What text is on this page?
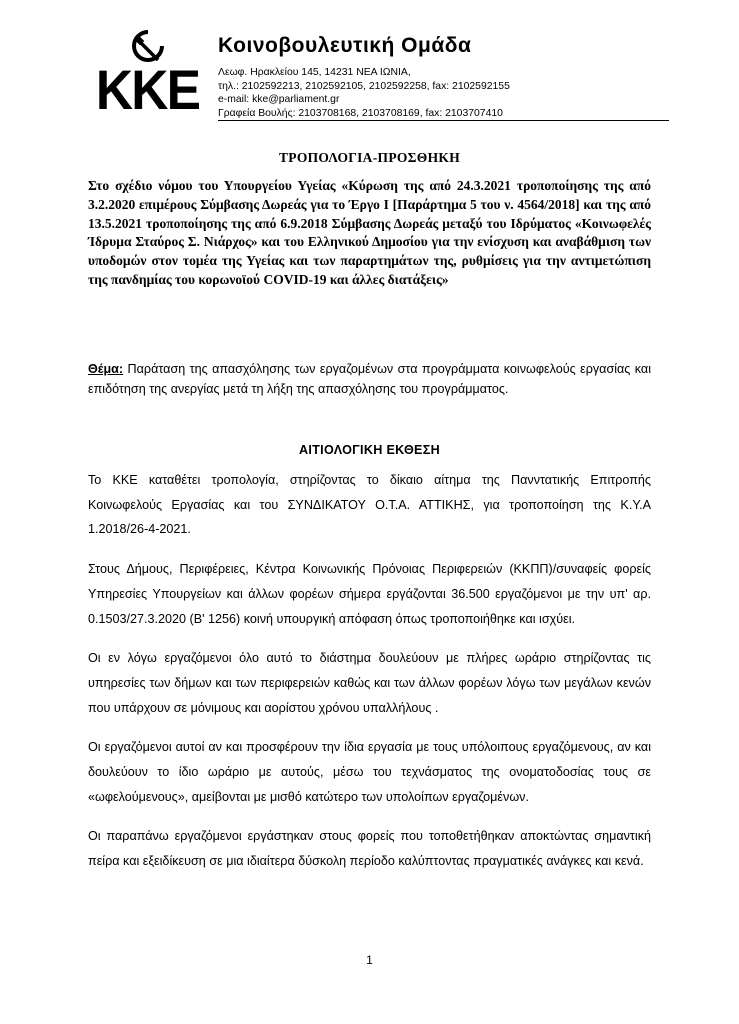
KKE
Κοινοβουλευτική Ομάδα
Λεωφ. Ηρακλείου 145, 14231 ΝΕΑ ΙΩΝΙΑ,
τηλ.: 2102592213, 2102592105, 2102592258, fax: 2102592155
e-mail: kke@parliament.gr
Γραφεία Βουλής: 2103708168, 2103708169, fax: 2103707410
ΤΡΟΠΟΛΟΓΙΑ-ΠΡΟΣΘΗΚΗ
Στο σχέδιο νόμου του Υπουργείου Υγείας «Κύρωση της από 24.3.2021 τροποποίησης της από 3.2.2020 επιμέρους Σύμβασης Δωρεάς για το Έργο Ι [Παράρτημα 5 του ν. 4564/2018] και της από 13.5.2021 τροποποίησης της από 6.9.2018 Σύμβασης Δωρεάς μεταξύ του Ιδρύματος «Κοινωφελές Ίδρυμα Σταύρος Σ. Νιάρχος» και του Ελληνικού Δημοσίου για την ενίσχυση και αναβάθμιση των υποδομών στον τομέα της Υγείας και των παραρτημάτων της, ρυθμίσεις για την αντιμετώπιση της πανδημίας του κορωνοϊού COVID-19 και άλλες διατάξεις»
Θέμα: Παράταση της απασχόλησης των εργαζομένων στα προγράμματα κοινωφελούς εργασίας και επιδότηση της ανεργίας μετά τη λήξη της απασχόλησης του προγράμματος.
ΑΙΤΙΟΛΟΓΙΚΗ ΕΚΘΕΣΗ

Το ΚΚΕ καταθέτει τροπολογία, στηρίζοντας το δίκαιο αίτημα της Πανντατικής Επιτροπής Κοινωφελούς Εργασίας και του ΣΥΝΔΙΚΑΤΟΥ Ο.Τ.Α. ΑΤΤΙΚΗΣ, για τροποποίηση της Κ.Υ.Α 1.2018/26-4-2021.

Στους Δήμους, Περιφέρειες, Κέντρα Κοινωνικής Πρόνοιας Περιφερειών (ΚΚΠΠ)/συναφείς φορείς Υπηρεσίες Υπουργείων και άλλων φορέων σήμερα εργάζονται 36.500 εργαζόμενοι με την υπ' αρ. 0.1503/27.3.2020 (Β' 1256) κοινή υπουργική απόφαση όπως τροποποιήθηκε και ισχύει.

Οι εν λόγω εργαζόμενοι όλο αυτό το διάστημα δουλεύουν με πλήρες ωράριο στηρίζοντας τις υπηρεσίες των δήμων και των περιφερειών καθώς και των άλλων φορέων λόγω των μεγάλων κενών που υπάρχουν σε μόνιμους και αορίστου χρόνου υπαλλήλους .

Οι εργαζόμενοι αυτοί αν και προσφέρουν την ίδια εργασία με τους υπόλοιπους εργαζόμενους, αν και δουλεύουν το ίδιο ωράριο με αυτούς, μέσω του τεχνάσματος της ονοματοδοσίας τους σε «ωφελούμενους», αμείβονται με μισθό κατώτερο των υπολοίπων εργαζομένων.

Οι παραπάνω εργαζόμενοι εργάστηκαν στους φορείς που τοποθετήθηκαν αποκτώντας σημαντική πείρα και εξειδίκευση σε μια ιδιαίτερα δύσκολη περίοδο καλύπτοντας πραγματικές ανάγκες και κενά.

1
